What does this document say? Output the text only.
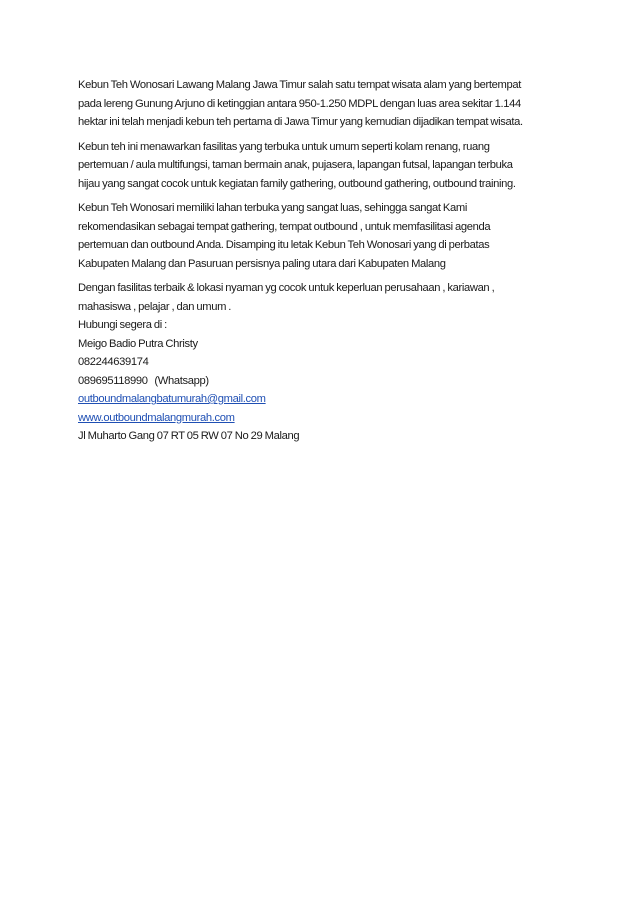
Kebun Teh Wonosari Lawang Malang Jawa Timur salah satu tempat wisata alam yang bertempat
pada lereng Gunung Arjuno di ketinggian antara 950-1.250 MDPL dengan luas area sekitar 1.144
hektar ini telah menjadi kebun teh pertama di Jawa Timur yang kemudian dijadikan tempat wisata.
Kebun teh ini menawarkan fasilitas yang terbuka untuk umum seperti kolam renang, ruang
pertemuan / aula multifungsi, taman bermain anak, pujasera, lapangan futsal, lapangan terbuka
hijau yang sangat cocok untuk kegiatan family gathering, outbound gathering, outbound training.
Kebun Teh Wonosari memiliki lahan terbuka yang sangat luas, sehingga sangat Kami
rekomendasikan sebagai tempat gathering, tempat outbound , untuk memfasilitasi agenda
pertemuan dan outbound Anda. Disamping itu letak Kebun Teh Wonosari yang di perbatas
Kabupaten Malang dan Pasuruan persisnya paling utara dari Kabupaten Malang
Dengan fasilitas terbaik & lokasi nyaman yg cocok untuk keperluan perusahaan , kariawan ,
mahasiswa , pelajar , dan umum .
Hubungi segera di :
Meigo Badio Putra Christy
082244639174
089695118990   (Whatsapp)
outboundmalangbatumurah@gmail.com
www.outboundmalangmurah.com
Jl Muharto Gang 07 RT 05 RW 07 No 29 Malang
